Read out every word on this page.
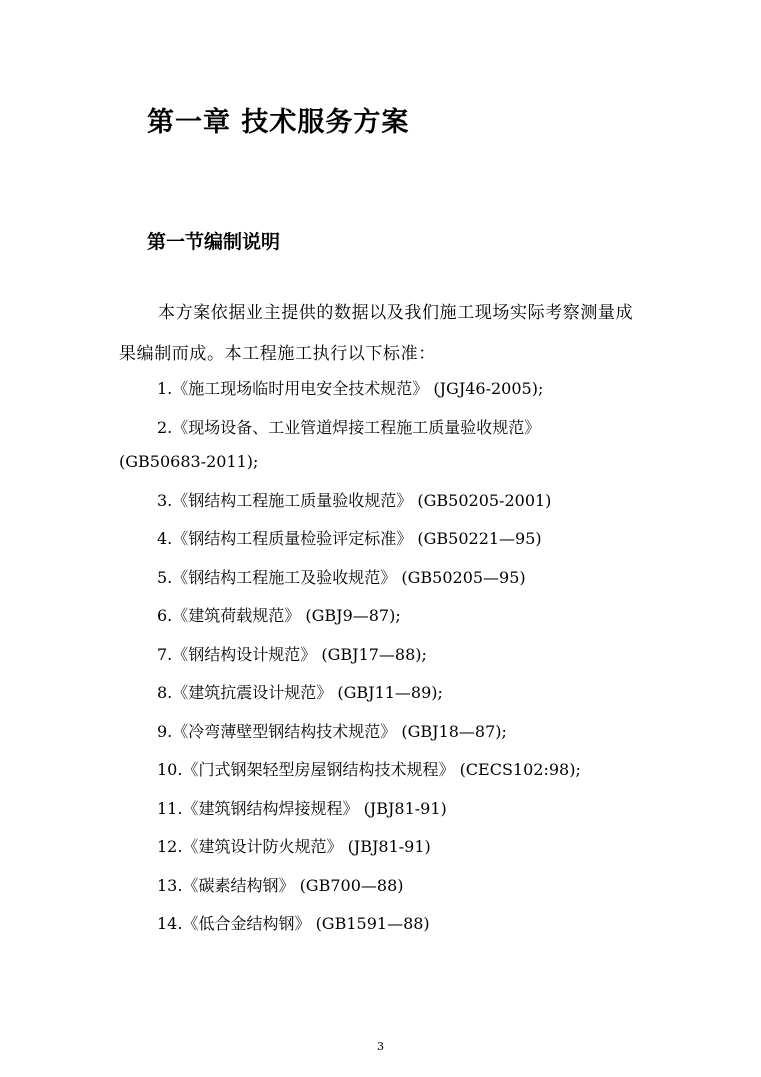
第一章 技术服务方案
第一节编制说明

本方案依据业主提供的数据以及我们施工现场实际考察测量成果编制而成。本工程施工执行以下标准：

1.《施工现场临时用电安全技术规范》 (JGJ46-2005);
2.《现场设备、工业管道焊接工程施工质量验收规范》
(GB50683-2011);
3.《钢结构工程施工质量验收规范》 (GB50205-2001)
4.《钢结构工程质量检验评定标准》 (GB50221—95)
5.《钢结构工程施工及验收规范》 (GB50205—95)
6.《建筑荷载规范》 (GBJ9—87);
7.《钢结构设计规范》 (GBJ17—88);
8.《建筑抗震设计规范》 (GBJ11—89);
9.《冷弯薄壁型钢结构技术规范》 (GBJ18—87);
10.《门式钢架轻型房屋钢结构技术规程》 (CECS102:98);
11.《建筑钢结构焊接规程》 (JBJ81-91)
12.《建筑设计防火规范》 (JBJ81-91)
13.《碳素结构钢》 (GB700—88)
14.《低合金结构钢》 (GB1591—88)
3
